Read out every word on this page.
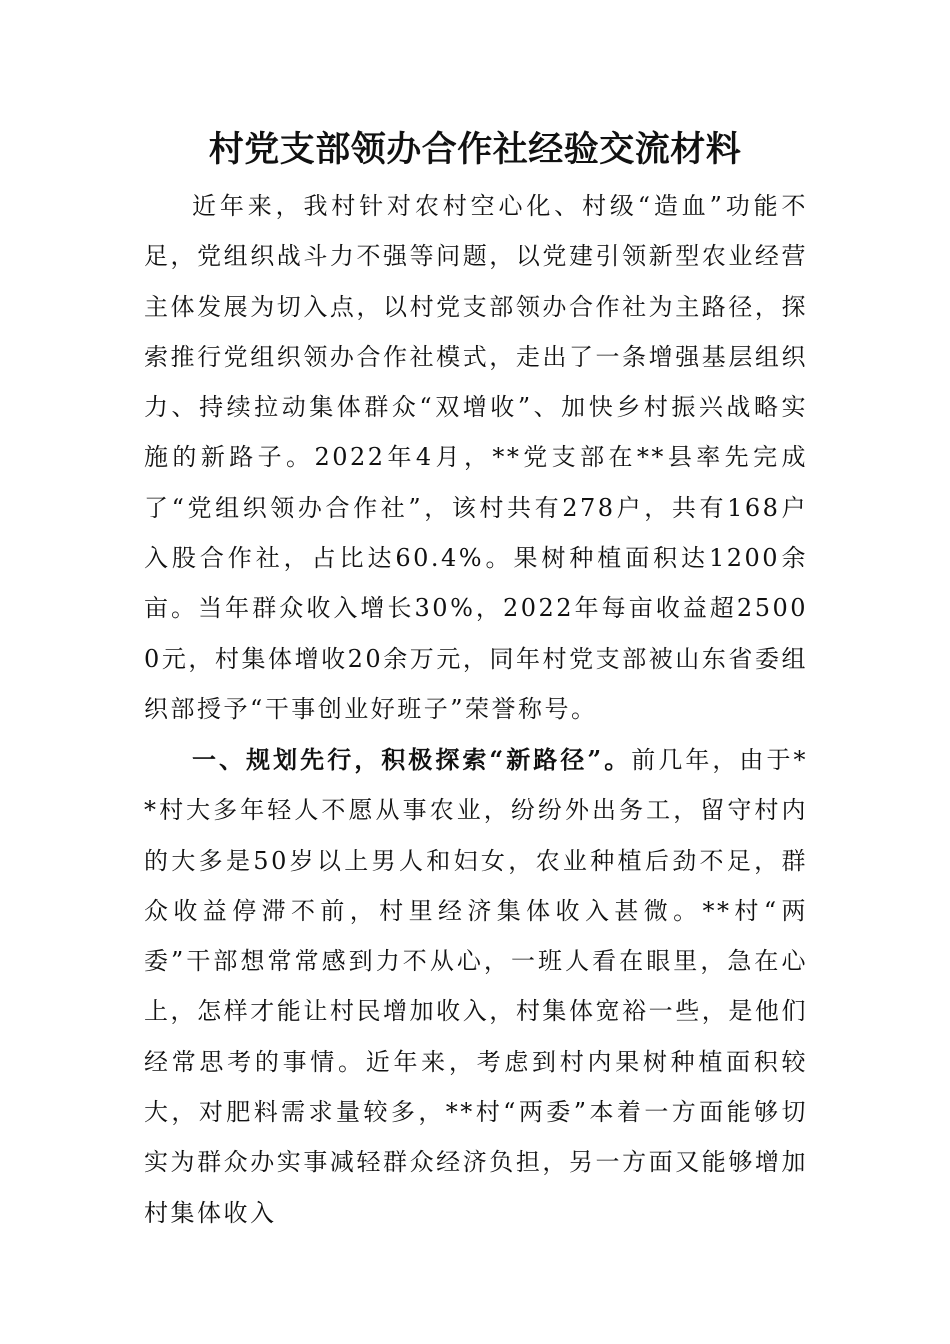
村党支部领办合作社经验交流材料

近年来，我村针对农村空心化、村级“造血”功能不足，党组织战斗力不强等问题，以党建引领新型农业经营主体发展为切入点，以村党支部领办合作社为主路径，探索推行党组织领办合作社模式，走出了一条增强基层组织力、持续拉动集体群众“双增收”、加快乡村振兴战略实施的新路子。2022年4月，**党支部在**县率先完成了“党组织领办合作社”，该村共有278户，共有168户入股合作社，占比达60.4%。果树种植面积达1200余亩。当年群众收入增长30%，2022年每亩收益超25000元，村集体增收20余万元，同年村党支部被山东省委组织部授予“干事创业好班子”荣誉称号。

一、规划先行，积极探索“新路径”。前几年，由于**村大多年轻人不愿从事农业，纷纷外出务工，留守村内的大多是50岁以上男人和妇女，农业种植后劲不足，群众收益停滞不前，村里经济集体收入甚微。**村“两委”干部想常常感到力不从心，一班人看在眼里，急在心上，怎样才能让村民增加收入，村集体宽裕一些，是他们经常思考的事情。近年来，考虑到村内果树种植面积较大，对肥料需求量较多，**村“两委”本着一方面能够切实为群众办实事减轻群众经济负担，另一方面又能够增加村集体收入
